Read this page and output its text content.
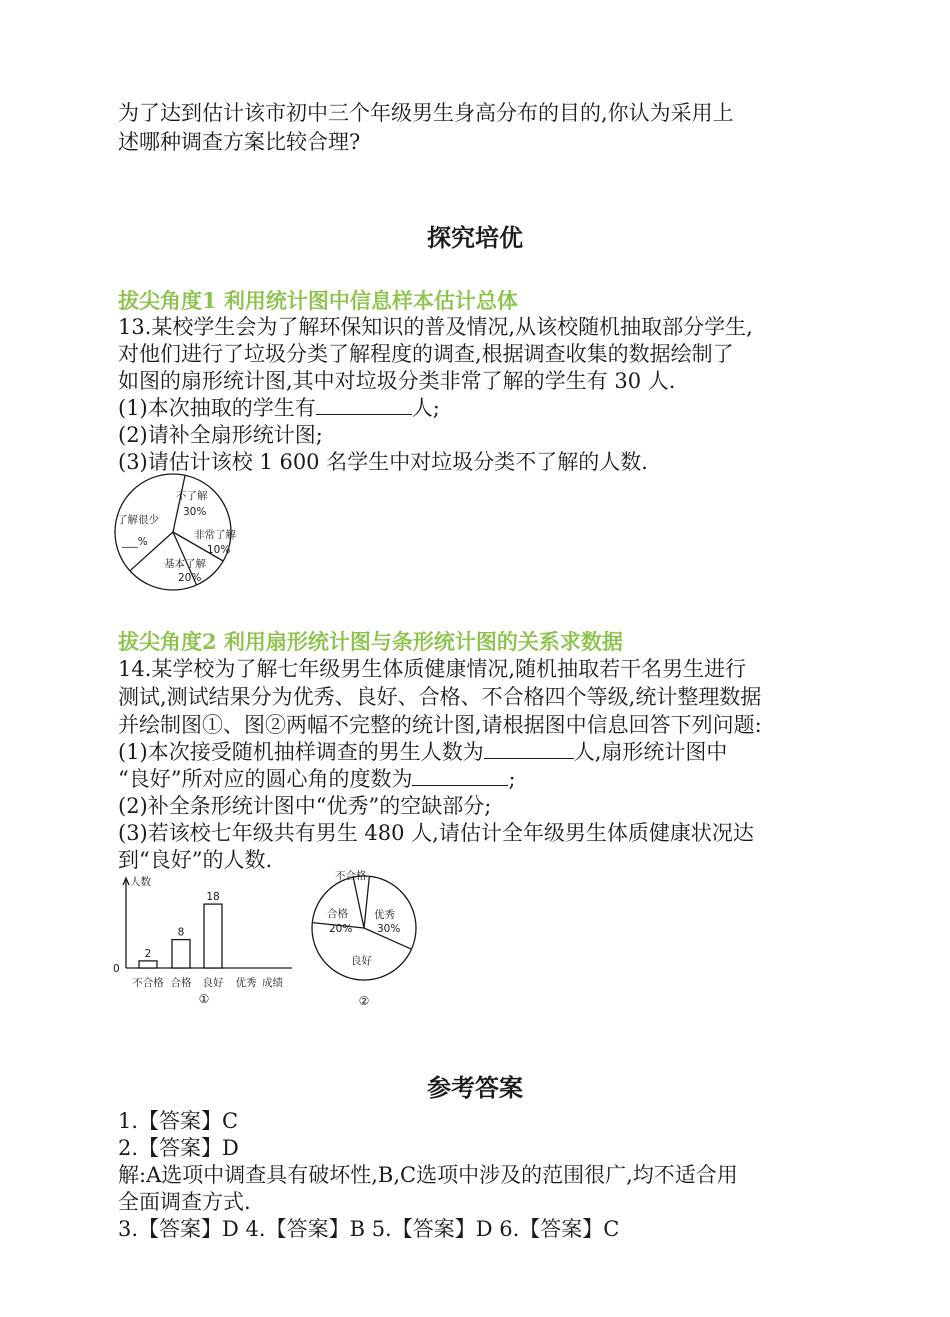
为了达到估计该市初中三个年级男生身高分布的目的,你认为采用上
述哪种调查方案比较合理?
探究培优
拔尖角度1 利用统计图中信息样本估计总体
13.某校学生会为了解环保知识的普及情况,从该校随机抽取部分学生,
对他们进行了垃圾分类了解程度的调查,根据调查收集的数据绘制了
如图的扇形统计图,其中对垃圾分类非常了解的学生有 30 人.
(1)本次抽取的学生有	人;
(2)请补全扇形统计图;
(3)请估计该校 1 600 名学生中对垃圾分类不了解的人数.
不了解
30%
非常了解
10%
基本了解
20%
了解很少
___%
拔尖角度2 利用扇形统计图与条形统计图的关系求数据
14.某学校为了解七年级男生体质健康情况,随机抽取若干名男生进行
测试,测试结果分为优秀、良好、合格、不合格四个等级,统计整理数据
并绘制图①、图②两幅不完整的统计图,请根据图中信息回答下列问题:
(1)本次接受随机抽样调查的男生人数为	人,扇形统计图中
“良好”所对应的圆心角的度数为	;
(2)补全条形统计图中“优秀”的空缺部分;
(3)若该校七年级共有男生 480 人,请估计全年级男生体质健康状况达
到“良好”的人数.
2
不合格
8
合格
18
良好 优秀
人数
0
成绩
①
不合格
优秀
30%
良好
合格
20%
②
参考答案
1.【答案】C
2.【答案】D
解:A选项中调查具有破坏性,B,C选项中涉及的范围很广,均不适合用
全面调查方式.
3.【答案】D 4.【答案】B 5.【答案】D 6.【答案】C
